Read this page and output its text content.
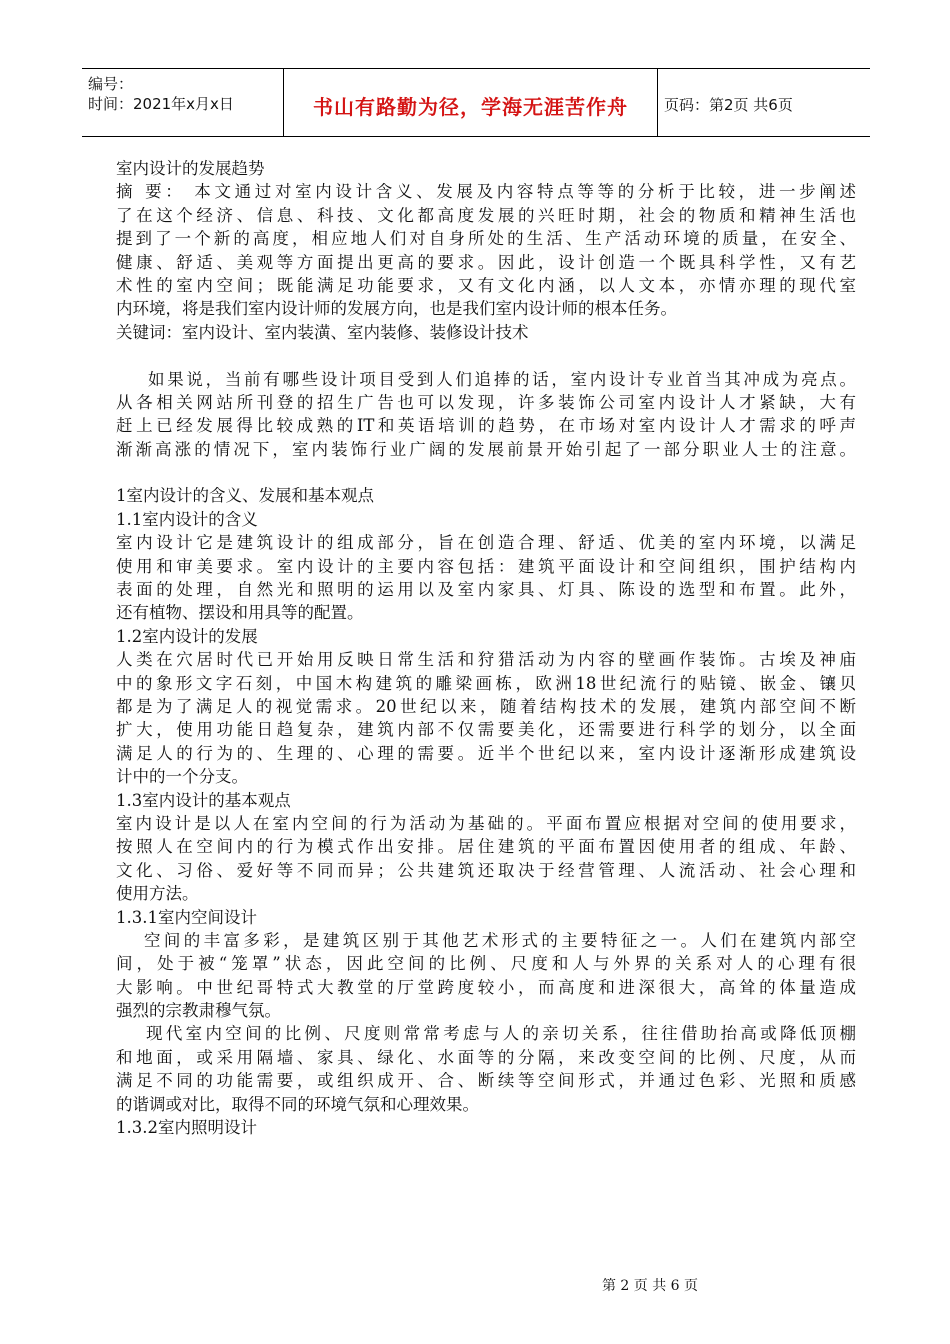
编号：
时间：2021年x月x日	书山有路勤为径，学海无涯苦作舟	页码：第2页 共6页
室内设计的发展趋势
摘 要： 本文通过对室内设计含义、发展及内容特点等等的分析于比较，进一步阐述
了在这个经济、信息、科技、文化都高度发展的兴旺时期，社会的物质和精神生活也
提到了一个新的高度，相应地人们对自身所处的生活、生产活动环境的质量，在安全、
健康、舒适、美观等方面提出更高的要求。因此，设计创造一个既具科学性，又有艺
术性的室内空间；既能满足功能要求，又有文化内涵，以人文本，亦情亦理的现代室
内环境，将是我们室内设计师的发展方向，也是我们室内设计师的根本任务。
关键词：室内设计、室内装潢、室内装修、装修设计技术
如果说，当前有哪些设计项目受到人们追捧的话，室内设计专业首当其冲成为亮点。
从各相关网站所刊登的招生广告也可以发现，许多装饰公司室内设计人才紧缺，大有
赶上已经发展得比较成熟的IT和英语培训的趋势，在市场对室内设计人才需求的呼声
渐渐高涨的情况下，室内装饰行业广阔的发展前景开始引起了一部分职业人士的注意。
1室内设计的含义、发展和基本观点
1.1室内设计的含义
室内设计它是建筑设计的组成部分，旨在创造合理、舒适、优美的室内环境，以满足
使用和审美要求。室内设计的主要内容包括：建筑平面设计和空间组织，围护结构内
表面的处理，自然光和照明的运用以及室内家具、灯具、陈设的选型和布置。此外，
还有植物、摆设和用具等的配置。
1.2室内设计的发展
人类在穴居时代已开始用反映日常生活和狩猎活动为内容的壁画作装饰。古埃及神庙
中的象形文字石刻，中国木构建筑的雕梁画栋，欧洲18世纪流行的贴镜、嵌金、镶贝
都是为了满足人的视觉需求。20世纪以来，随着结构技术的发展，建筑内部空间不断
扩大，使用功能日趋复杂，建筑内部不仅需要美化，还需要进行科学的划分，以全面
满足人的行为的、生理的、心理的需要。近半个世纪以来，室内设计逐渐形成建筑设
计中的一个分支。
1.3室内设计的基本观点
室内设计是以人在室内空间的行为活动为基础的。平面布置应根据对空间的使用要求，
按照人在空间内的行为模式作出安排。居住建筑的平面布置因使用者的组成、年龄、
文化、习俗、爱好等不同而异；公共建筑还取决于经营管理、人流活动、社会心理和
使用方法。
1.3.1室内空间设计
空间的丰富多彩，是建筑区别于其他艺术形式的主要特征之一。人们在建筑内部空
间，处于被“笼罩”状态，因此空间的比例、尺度和人与外界的关系对人的心理有很
大影响。中世纪哥特式大教堂的厅堂跨度较小，而高度和进深很大，高耸的体量造成
强烈的宗教肃穆气氛。
现代室内空间的比例、尺度则常常考虑与人的亲切关系，往往借助抬高或降低顶棚
和地面，或采用隔墙、家具、绿化、水面等的分隔，来改变空间的比例、尺度，从而
满足不同的功能需要，或组织成开、合、断续等空间形式，并通过色彩、光照和质感
的谐调或对比，取得不同的环境气氛和心理效果。
1.3.2室内照明设计
第 2 页 共 6 页
